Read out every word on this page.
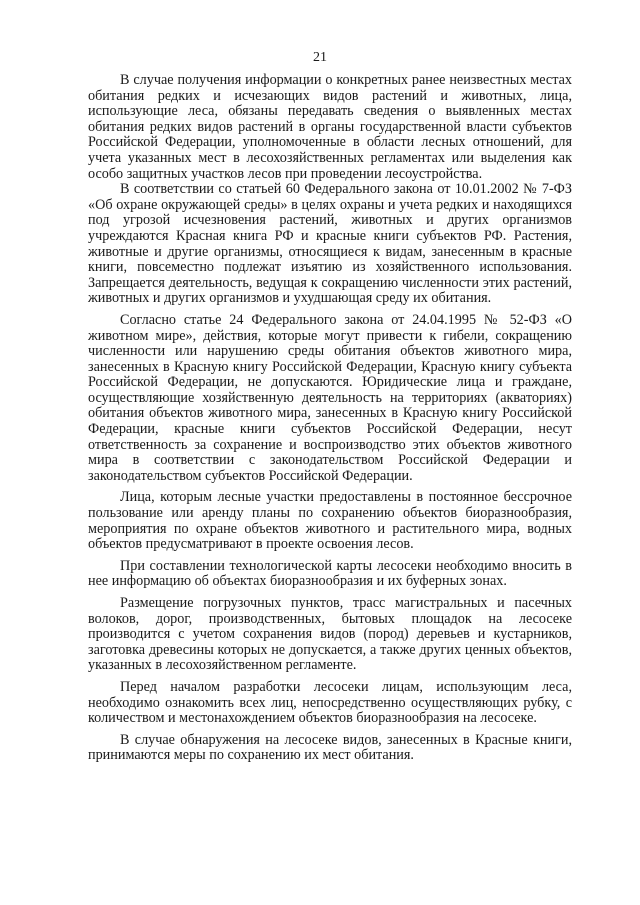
21

В случае получения информации о конкретных ранее неизвестных местах обитания редких и исчезающих видов растений и животных, лица, использующие леса, обязаны передавать сведения о выявленных местах обитания редких видов растений в органы государственной власти субъектов Российской Федерации, уполномоченные в области лесных отношений, для учета указанных мест в лесохозяйственных регламентах или выделения как особо защитных участков лесов при проведении лесоустройства.

В соответствии со статьей 60 Федерального закона от 10.01.2002 № 7-ФЗ «Об охране окружающей среды» в целях охраны и учета редких и находящихся под угрозой исчезновения растений, животных и других организмов учреждаются Красная книга РФ и красные книги субъектов РФ. Растения, животные и другие организмы, относящиеся к видам, занесенным в красные книги, повсеместно подлежат изъятию из хозяйственного использования. Запрещается деятельность, ведущая к сокращению численности этих растений, животных и других организмов и ухудшающая среду их обитания.

Согласно статье 24 Федерального закона от 24.04.1995 № 52-ФЗ «О животном мире», действия, которые могут привести к гибели, сокращению численности или нарушению среды обитания объектов животного мира, занесенных в Красную книгу Российской Федерации, Красную книгу субъекта Российской Федерации, не допускаются. Юридические лица и граждане, осуществляющие хозяйственную деятельность на территориях (акваториях) обитания объектов животного мира, занесенных в Красную книгу Российской Федерации, красные книги субъектов Российской Федерации, несут ответственность за сохранение и воспроизводство этих объектов животного мира в соответствии с законодательством Российской Федерации и законодательством субъектов Российской Федерации.

Лица, которым лесные участки предоставлены в постоянное бессрочное пользование или аренду планы по сохранению объектов биоразнообразия, мероприятия по охране объектов животного и растительного мира, водных объектов предусматривают в проекте освоения лесов.

При составлении технологической карты лесосеки необходимо вносить в нее информацию об объектах биоразнообразия и их буферных зонах.

Размещение погрузочных пунктов, трасс магистральных и пасечных волоков, дорог, производственных, бытовых площадок на лесосеке производится с учетом сохранения видов (пород) деревьев и кустарников, заготовка древесины которых не допускается, а также других ценных объектов, указанных в лесохозяйственном регламенте.

Перед началом разработки лесосеки лицам, использующим леса, необходимо ознакомить всех лиц, непосредственно осуществляющих рубку, с количеством и местонахождением объектов биоразнообразия на лесосеке.

В случае обнаружения на лесосеке видов, занесенных в Красные книги, принимаются меры по сохранению их мест обитания.
